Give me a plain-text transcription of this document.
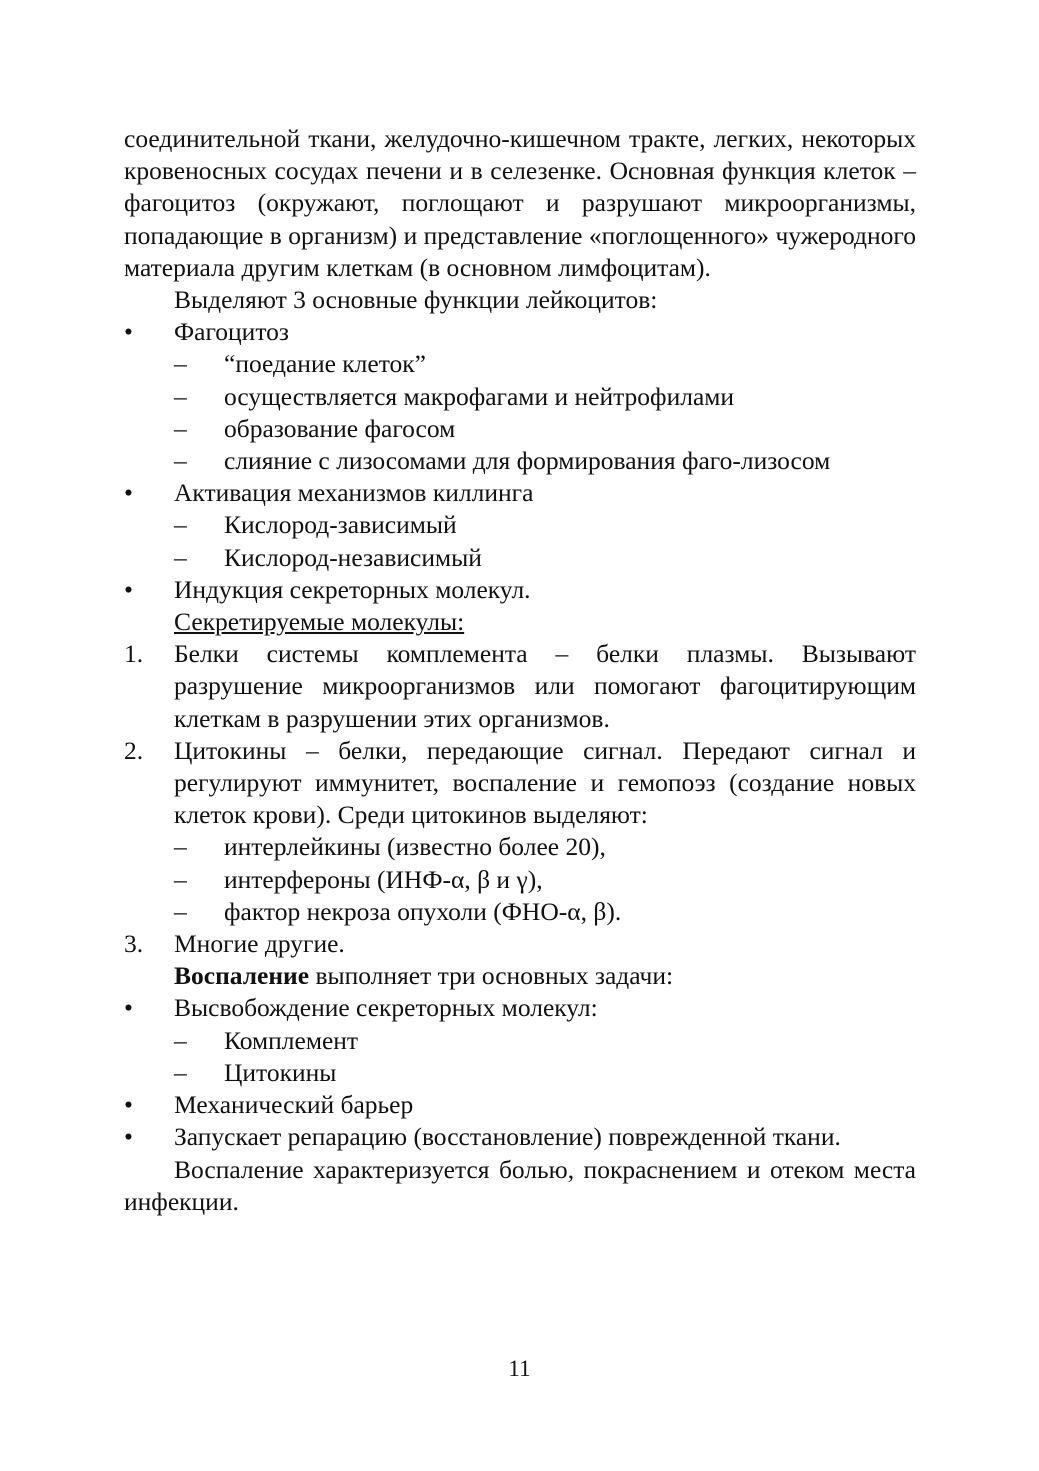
соединительной ткани, желудочно-кишечном тракте, легких, некоторых кровеносных сосудах печени и в селезенке. Основная функция клеток – фагоцитоз (окружают, поглощают и разрушают микроорганизмы, попадающие в организм) и представление «поглощенного» чужеродного материала другим клеткам (в основном лимфоцитам).
Выделяют 3 основные функции лейкоцитов:
•	Фагоцитоз
– “поедание клеток”
– осуществляется макрофагами и нейтрофилами
– образование фагосом
– слияние с лизосомами для формирования фаго-лизосом
•	Активация механизмов киллинга
– Кислород-зависимый
– Кислород-независимый
•	Индукция секреторных молекул.
Секретируемые молекулы:
1. Белки системы комплемента – белки плазмы. Вызывают разрушение микроорганизмов или помогают фагоцитирующим клеткам в разрушении этих организмов.
2. Цитокины – белки, передающие сигнал. Передают сигнал и регулируют иммунитет, воспаление и гемопоэз (создание новых клеток крови). Среди цитокинов выделяют:
– интерлейкины (известно более 20),
– интерфероны (ИНФ-α, β и γ),
– фактор некроза опухоли (ФНО-α, β).
3. Многие другие.
Воспаление выполняет три основных задачи:
•	Высвобождение секреторных молекул:
– Комплемент
– Цитокины
•	Механический барьер
•	Запускает репарацию (восстановление) поврежденной ткани.
Воспаление характеризуется болью, покраснением и отеком места инфекции.
11
